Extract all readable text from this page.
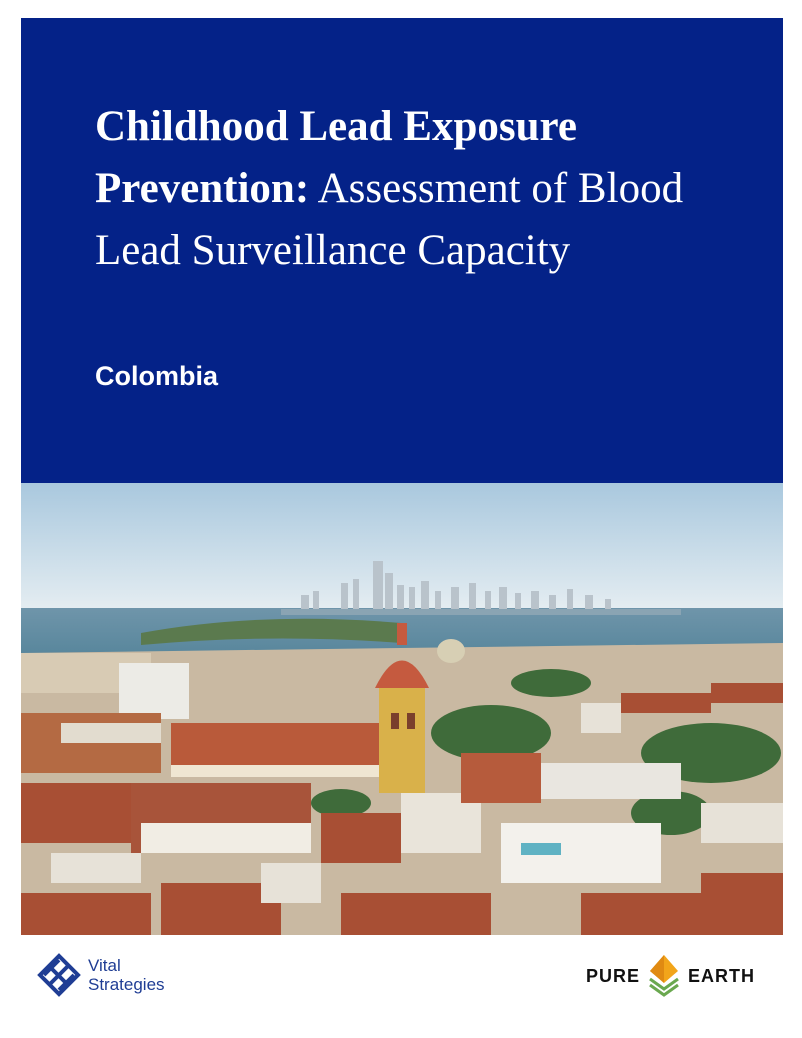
Childhood Lead Exposure Prevention: Assessment of Blood Lead Surveillance Capacity
Colombia
Vital
Strategies	PURE	EARTH
